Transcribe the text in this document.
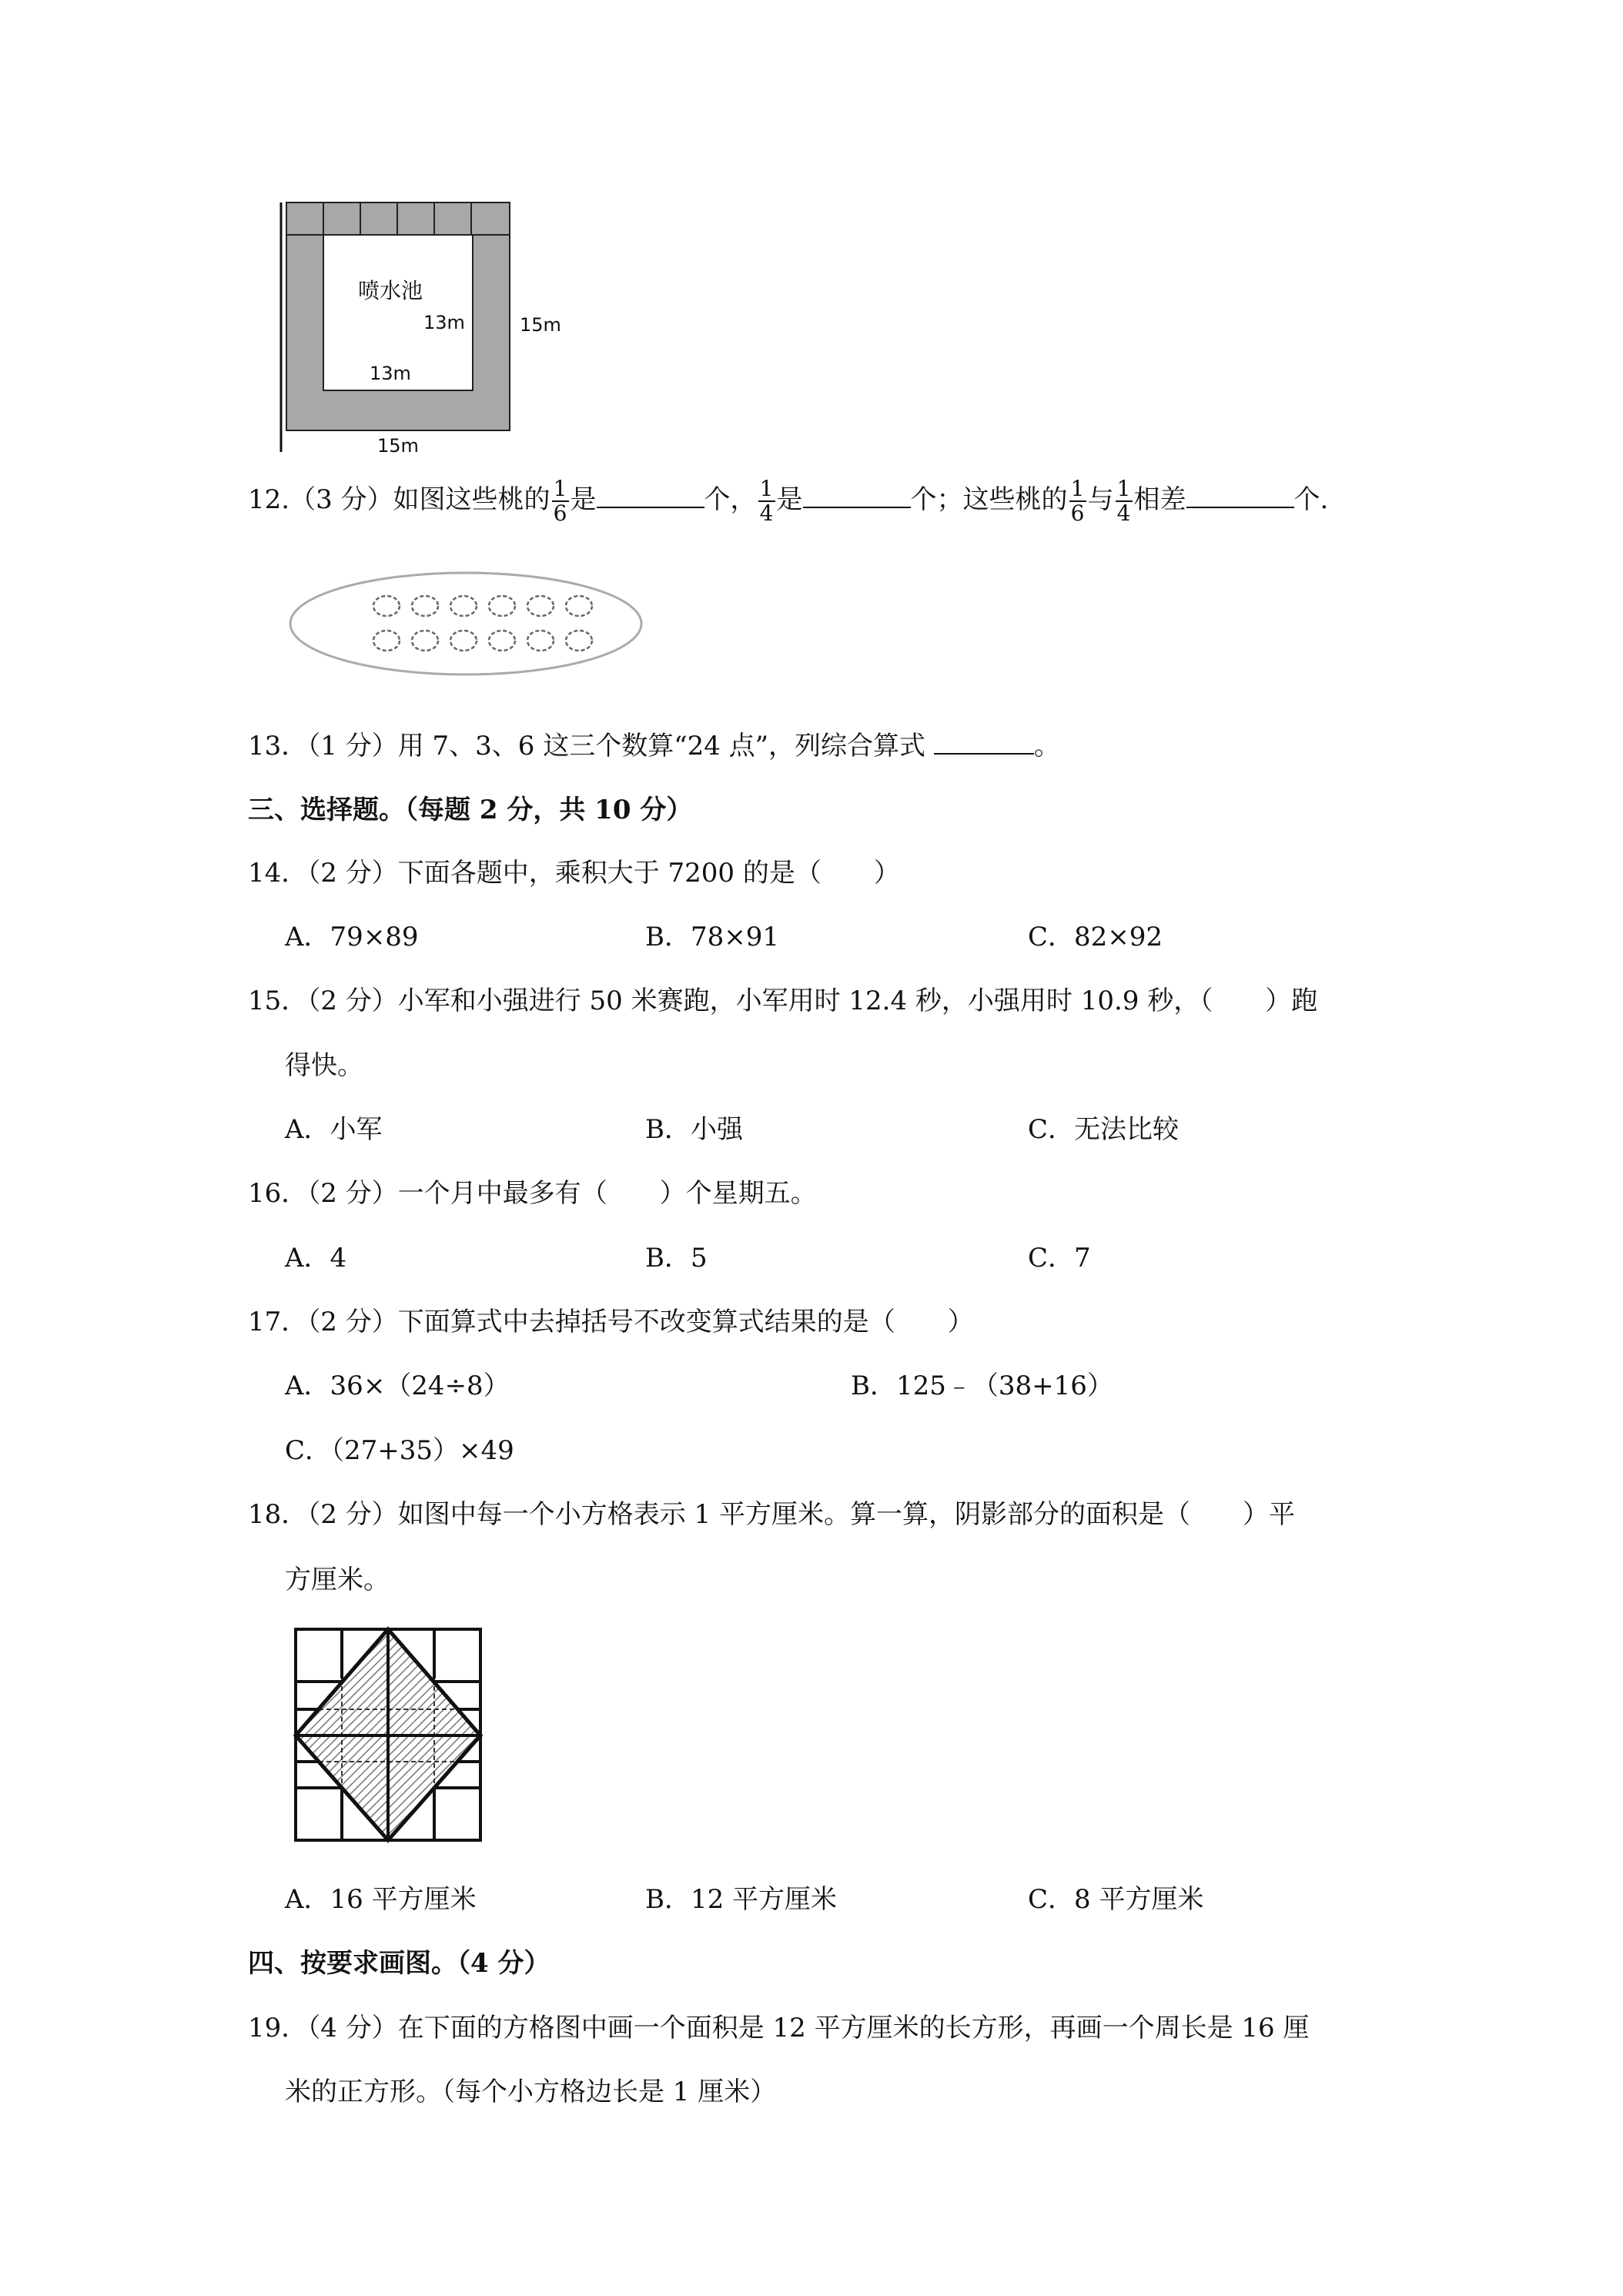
喷水池
13m
13m
15m
15m
12.（3 分）如图这些桃的 $\frac{1}{6}$ 是	个， $\frac{1}{4}$ 是	个；这些桃的 $\frac{1}{6}$ 与 $\frac{1}{4}$ 相差	个.
13．（1 分）用 7、3、6 这三个数算“24 点”，列综合算式	。
三、选择题。（每题 2 分，共 10 分）
14．（2 分）下面各题中，乘积大于 7200 的是（　　）
A．79×89	B．78×91	C．82×92
15．（2 分）小军和小强进行 50 米赛跑，小军用时 12.4 秒，小强用时 10.9 秒，（　　）跑
得快。
A．小军	B．小强	C．无法比较
16．（2 分）一个月中最多有（　　）个星期五。
A．4	B．5	C．7
17．（2 分）下面算式中去掉括号不改变算式结果的是（　　）
A．36×（24÷8）	B．125﹣（38+16）
C．（27+35）×49
18．（2 分）如图中每一个小方格表示 1 平方厘米。算一算，阴影部分的面积是（　　）平
方厘米。
A．16 平方厘米	B．12 平方厘米	C．8 平方厘米
四、按要求画图。（4 分）
19．（4 分）在下面的方格图中画一个面积是 12 平方厘米的长方形，再画一个周长是 16 厘
米的正方形。（每个小方格边长是 1 厘米）
